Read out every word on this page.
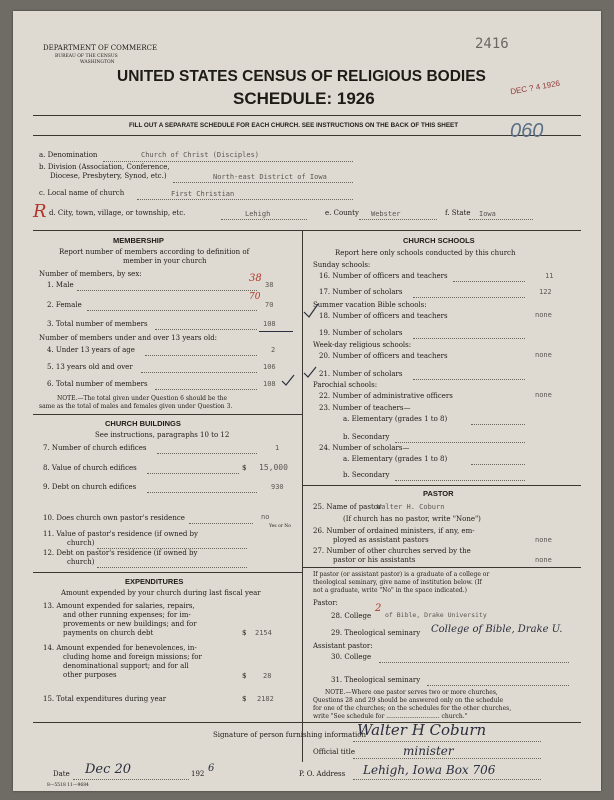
DEPARTMENT OF COMMERCE
BUREAU OF THE CENSUS
WASHINGTON
2416
DEC ? 4 1926
UNITED STATES CENSUS OF RELIGIOUS BODIES
SCHEDULE: 1926
FILL OUT A SEPARATE SCHEDULE FOR EACH CHURCH. SEE INSTRUCTIONS ON THE BACK OF THIS SHEET	060
a. Denomination	Church of Christ (Disciples)
b. Division (Association, Conference,
Diocese, Presbytery, Synod, etc.)	North-east District of Iowa
c. Local name of church	First Christian
R d. City, town, village, or township, etc.	Lehigh	e. County Webster	f. State Iowa
MEMBERSHIP
Report number of members according to definition of
member in your church
Number of members, by sex:
1. Male	38
38
2. Female	70
70
3. Total number of members	108
Number of members under and over 13 years old:
4. Under 13 years of age	2
5. 13 years old and over	106
6. Total number of members	108
NOTE.—The total given under Question 6 should be the
same as the total of males and females given under Question 3.
CHURCH BUILDINGS
See instructions, paragraphs 10 to 12
7. Number of church edifices	1
8. Value of church edifices	$ 15,000
9. Debt on church edifices	930
10. Does church own pastor's residence	no
Yes or No
11. Value of pastor's residence (if owned by
church)
12. Debt on pastor's residence (if owned by
church)
EXPENDITURES
Amount expended by your church during last fiscal year
13. Amount expended for salaries, repairs,
and other running expenses; for im-
provements or new buildings; and for
payments on church debt	$ 2154
14. Amount expended for benevolences, in-
cluding home and foreign missions; for
denominational support; and for all
other purposes	$ 28
15. Total expenditures during year	$ 2182
CHURCH SCHOOLS
Report here only schools conducted by this church
Sunday schools:
16. Number of officers and teachers	11
17. Number of scholars	122
Summer vacation Bible schools:
18. Number of officers and teachers	none
19. Number of scholars
Week-day religious schools:
20. Number of officers and teachers	none
21. Number of scholars
Parochial schools:
22. Number of administrative officers	none
23. Number of teachers—
a. Elementary (grades 1 to 8)
b. Secondary
24. Number of scholars—
a. Elementary (grades 1 to 8)
b. Secondary
PASTOR
25. Name of pastor
Walter H. Coburn
(If church has no pastor, write "None")
26. Number of ordained ministers, if any, em-
ployed as assistant pastors	none
27. Number of other churches served by the
pastor or his assistants	none
If pastor (or assistant pastor) is a graduate of a college or
theological seminary, give name of institution below. (If
not a graduate, write "No" in the space indicated.)
Pastor:
28. College of Bible, Drake University
2
29. Theological seminary College of Bible, Drake U.
Assistant pastor:
30. College
31. Theological seminary
NOTE.—Where one pastor serves two or more churches,
Questions 28 and 29 should be answered only on the schedule
for one of the churches; on the schedules for the other churches,
write "See schedule for ............................ church."
Signature of person furnishing information
Walter H Coburn
Official title	minister
Date Dec 20	192 6	P. O. Address Lehigh, Iowa Box 706
8—5518 11—9684
